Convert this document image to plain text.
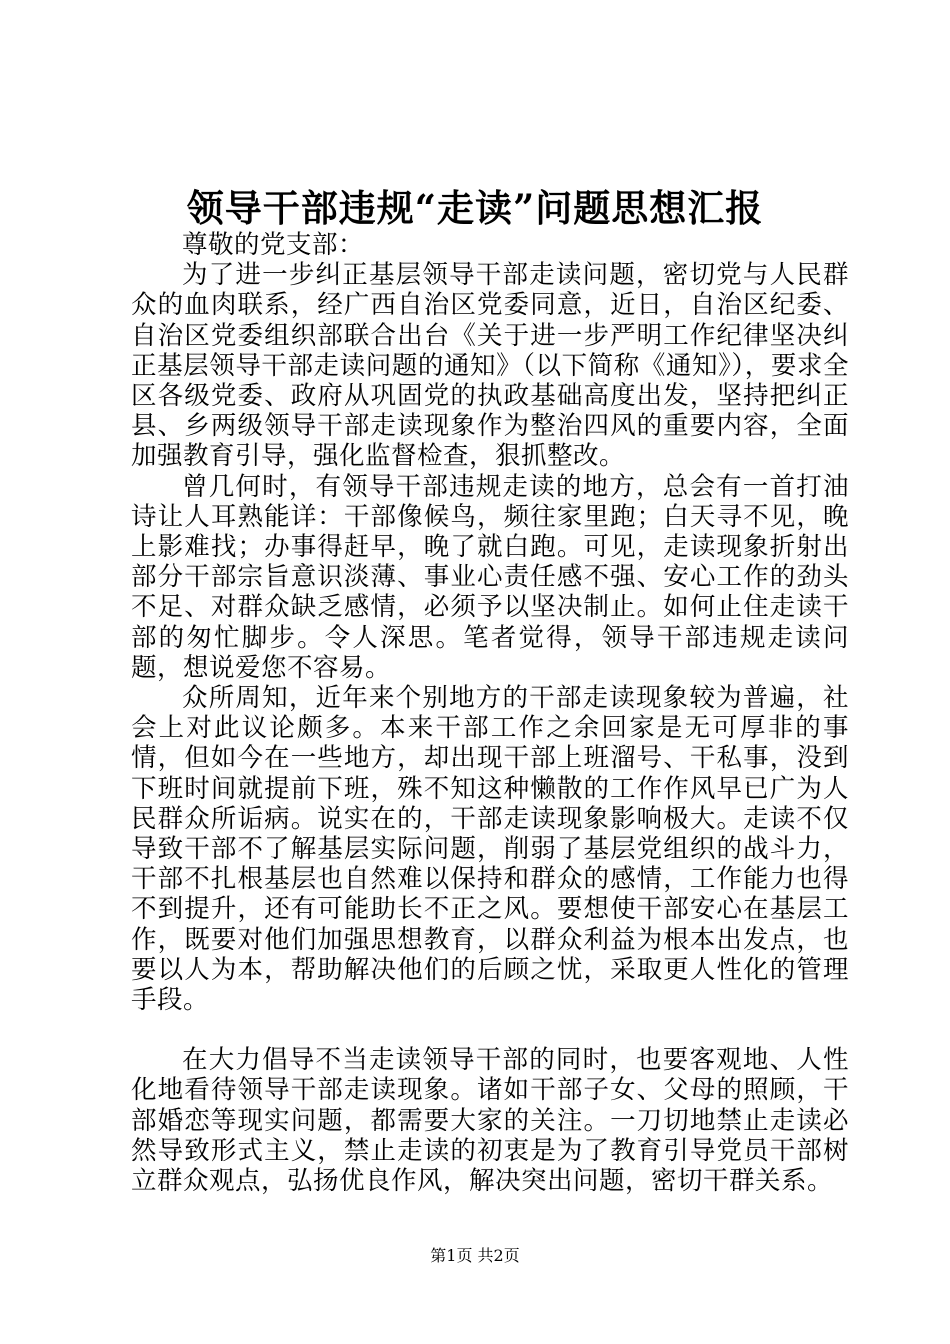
领导干部违规“走读”问题思想汇报

尊敬的党支部：

为了进一步纠正基层领导干部走读问题，密切党与人民群众的血肉联系，经广西自治区党委同意，近日，自治区纪委、自治区党委组织部联合出台《关于进一步严明工作纪律坚决纠正基层领导干部走读问题的通知》（以下简称《通知》），要求全区各级党委、政府从巩固党的执政基础高度出发，坚持把纠正县、乡两级领导干部走读现象作为整治四风的重要内容，全面加强教育引导，强化监督检查，狠抓整改。

曾几何时，有领导干部违规走读的地方，总会有一首打油诗让人耳熟能详：干部像候鸟，频往家里跑；白天寻不见，晚上影难找；办事得赶早，晚了就白跑。可见，走读现象折射出部分干部宗旨意识淡薄、事业心责任感不强、安心工作的劲头不足、对群众缺乏感情，必须予以坚决制止。如何止住走读干部的匆忙脚步。令人深思。笔者觉得，领导干部违规走读问题，想说爱您不容易。

众所周知，近年来个别地方的干部走读现象较为普遍，社会上对此议论颇多。本来干部工作之余回家是无可厚非的事情，但如今在一些地方，却出现干部上班溜号、干私事，没到下班时间就提前下班，殊不知这种懒散的工作作风早已广为人民群众所诟病。说实在的，干部走读现象影响极大。走读不仅导致干部不了解基层实际问题，削弱了基层党组织的战斗力，干部不扎根基层也自然难以保持和群众的感情，工作能力也得不到提升，还有可能助长不正之风。要想使干部安心在基层工作，既要对他们加强思想教育，以群众利益为根本出发点，也要以人为本，帮助解决他们的后顾之忧，采取更人性化的管理手段。

在大力倡导不当走读领导干部的同时，也要客观地、人性化地看待领导干部走读现象。诸如干部子女、父母的照顾，干部婚恋等现实问题，都需要大家的关注。一刀切地禁止走读必然导致形式主义，禁止走读的初衷是为了教育引导党员干部树立群众观点，弘扬优良作风，解决突出问题，密切干群关系。

第1页 共2页
